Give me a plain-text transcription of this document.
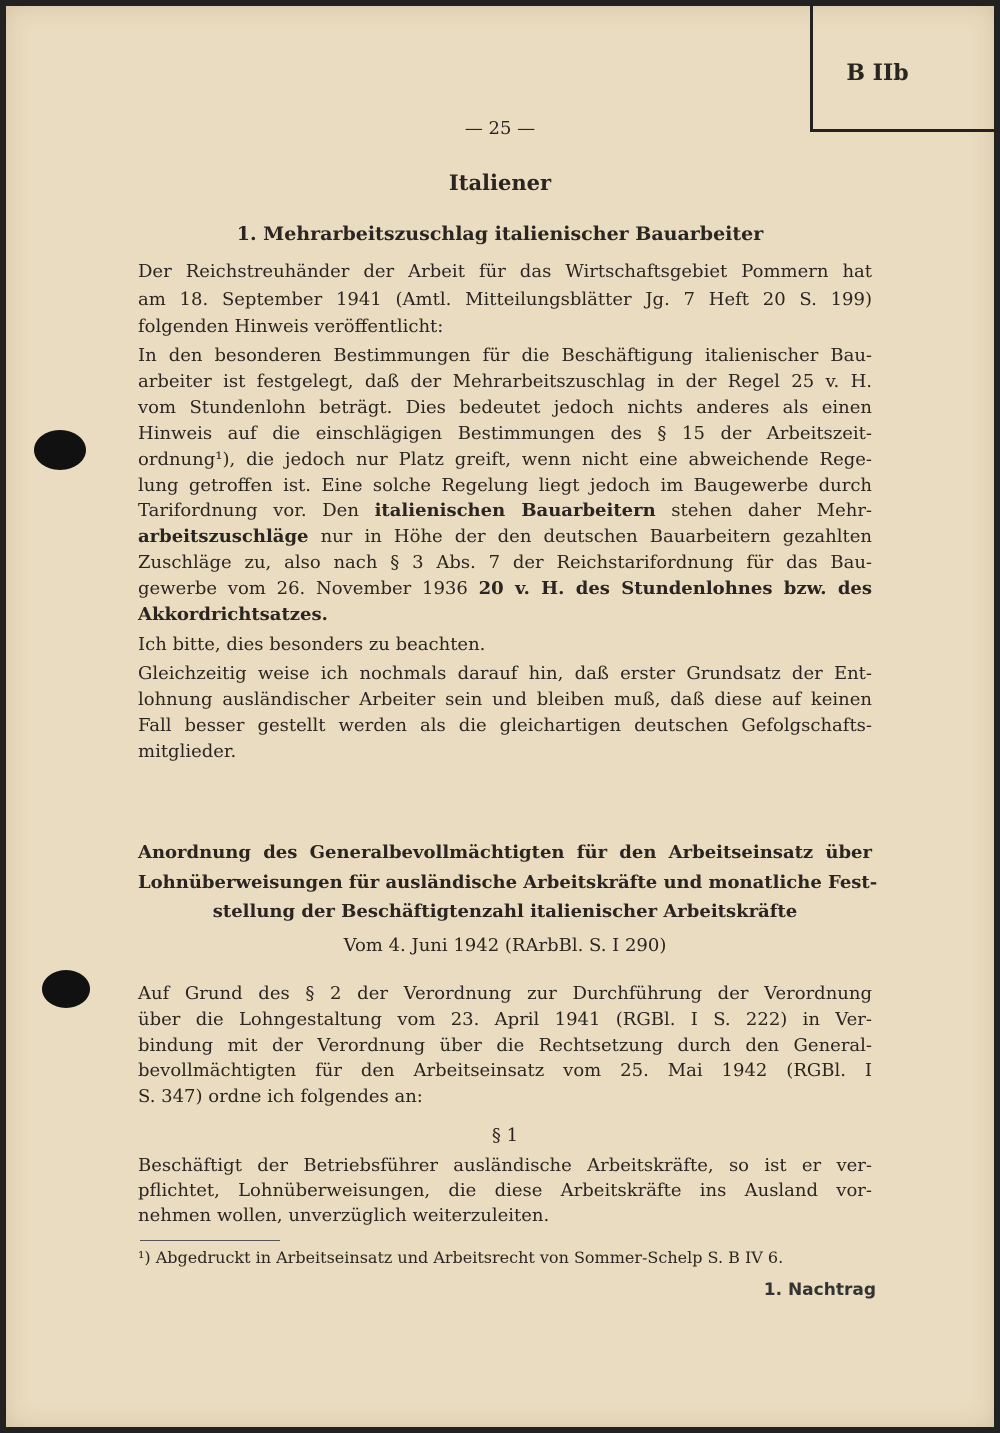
B IIb
— 25 —
Italiener
1. Mehrarbeitszuschlag italienischer Bauarbeiter
Der Reichstreuhänder der Arbeit für das Wirtschaftsgebiet Pommern hat
am 18. September 1941 (Amtl. Mitteilungsblätter Jg. 7 Heft 20 S. 199)
folgenden Hinweis veröffentlicht:
In den besonderen Bestimmungen für die Beschäftigung italienischer Bau-
arbeiter ist festgelegt, daß der Mehrarbeitszuschlag in der Regel 25 v. H.
vom Stundenlohn beträgt. Dies bedeutet jedoch nichts anderes als einen
Hinweis auf die einschlägigen Bestimmungen des § 15 der Arbeitszeit-
ordnung¹), die jedoch nur Platz greift, wenn nicht eine abweichende Rege-
lung getroffen ist. Eine solche Regelung liegt jedoch im Baugewerbe durch
Tarifordnung vor. Den italienischen Bauarbeitern stehen daher Mehr-
arbeitszuschläge nur in Höhe der den deutschen Bauarbeitern gezahlten
Zuschläge zu, also nach § 3 Abs. 7 der Reichstarifordnung für das Bau-
gewerbe vom 26. November 1936 20 v. H. des Stundenlohnes bzw. des
Akkordrichtsatzes.
Ich bitte, dies besonders zu beachten.
Gleichzeitig weise ich nochmals darauf hin, daß erster Grundsatz der Ent-
lohnung ausländischer Arbeiter sein und bleiben muß, daß diese auf keinen
Fall besser gestellt werden als die gleichartigen deutschen Gefolgschafts-
mitglieder.
Anordnung des Generalbevollmächtigten für den Arbeitseinsatz über
Lohnüberweisungen für ausländische Arbeitskräfte und monatliche Fest-
stellung der Beschäftigtenzahl italienischer Arbeitskräfte
Vom 4. Juni 1942 (RArbBl. S. I 290)
Auf Grund des § 2 der Verordnung zur Durchführung der Verordnung
über die Lohngestaltung vom 23. April 1941 (RGBl. I S. 222) in Ver-
bindung mit der Verordnung über die Rechtsetzung durch den General-
bevollmächtigten für den Arbeitseinsatz vom 25. Mai 1942 (RGBl. I
S. 347) ordne ich folgendes an:
§ 1
Beschäftigt der Betriebsführer ausländische Arbeitskräfte, so ist er ver-
pflichtet, Lohnüberweisungen, die diese Arbeitskräfte ins Ausland vor-
nehmen wollen, unverzüglich weiterzuleiten.
¹) Abgedruckt in Arbeitseinsatz und Arbeitsrecht von Sommer-Schelp S. B IV 6.
1. Nachtrag
